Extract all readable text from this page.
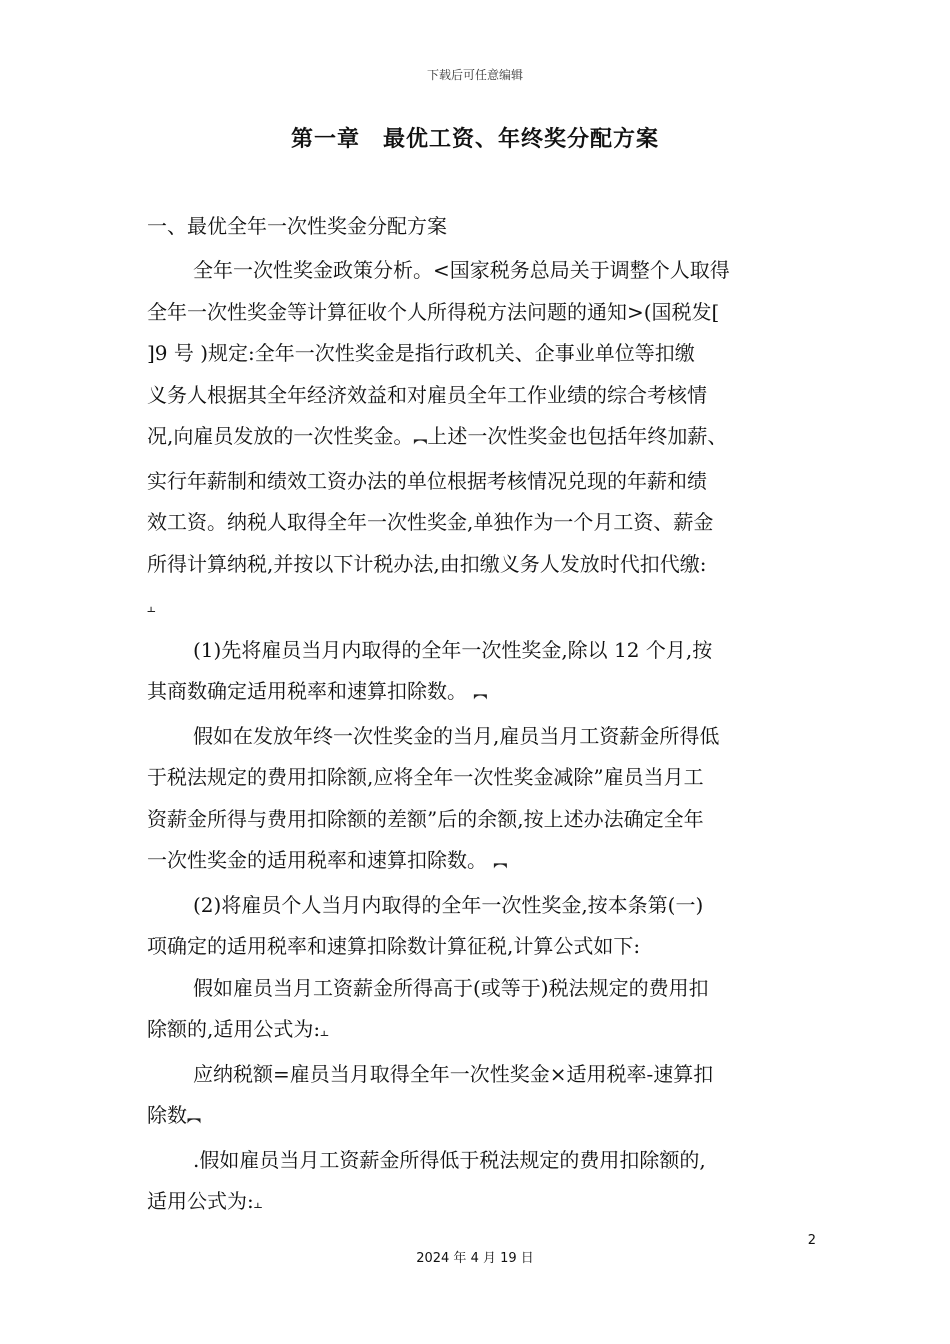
下载后可任意编辑
第一章　最优工资、年终奖分配方案
一、最优全年一次性奖金分配方案
全年一次性奖金政策分析。<国家税务总局关于调整个人取得
全年一次性奖金等计算征收个人所得税方法问题的通知>(国税发[
]9 号 )规定:全年一次性奖金是指行政机关、企事业单位等扣缴
义务人根据其全年经济效益和对雇员全年工作业绩的综合考核情
况,向雇员发放的一次性奖金。︻上述一次性奖金也包括年终加薪、
实行年薪制和绩效工资办法的单位根据考核情况兑现的年薪和绩
效工资。纳税人取得全年一次性奖金,单独作为一个月工资、薪金
所得计算纳税,并按以下计税办法,由扣缴义务人发放时代扣代缴:
⫠
(1)先将雇员当月内取得的全年一次性奖金,除以 12 个月,按
其商数确定适用税率和速算扣除数。 ︻
假如在发放年终一次性奖金的当月,雇员当月工资薪金所得低
于税法规定的费用扣除额,应将全年一次性奖金减除”雇员当月工
资薪金所得与费用扣除额的差额”后的余额,按上述办法确定全年
一次性奖金的适用税率和速算扣除数。 ︻
(2)将雇员个人当月内取得的全年一次性奖金,按本条第(一)
项确定的适用税率和速算扣除数计算征税,计算公式如下:
假如雇员当月工资薪金所得高于(或等于)税法规定的费用扣
除额的,适用公式为:⫠
应纳税额=雇员当月取得全年一次性奖金×适用税率-速算扣
除数︻
.假如雇员当月工资薪金所得低于税法规定的费用扣除额的,
适用公式为:⫠
2
2024 年 4 月 19 日
